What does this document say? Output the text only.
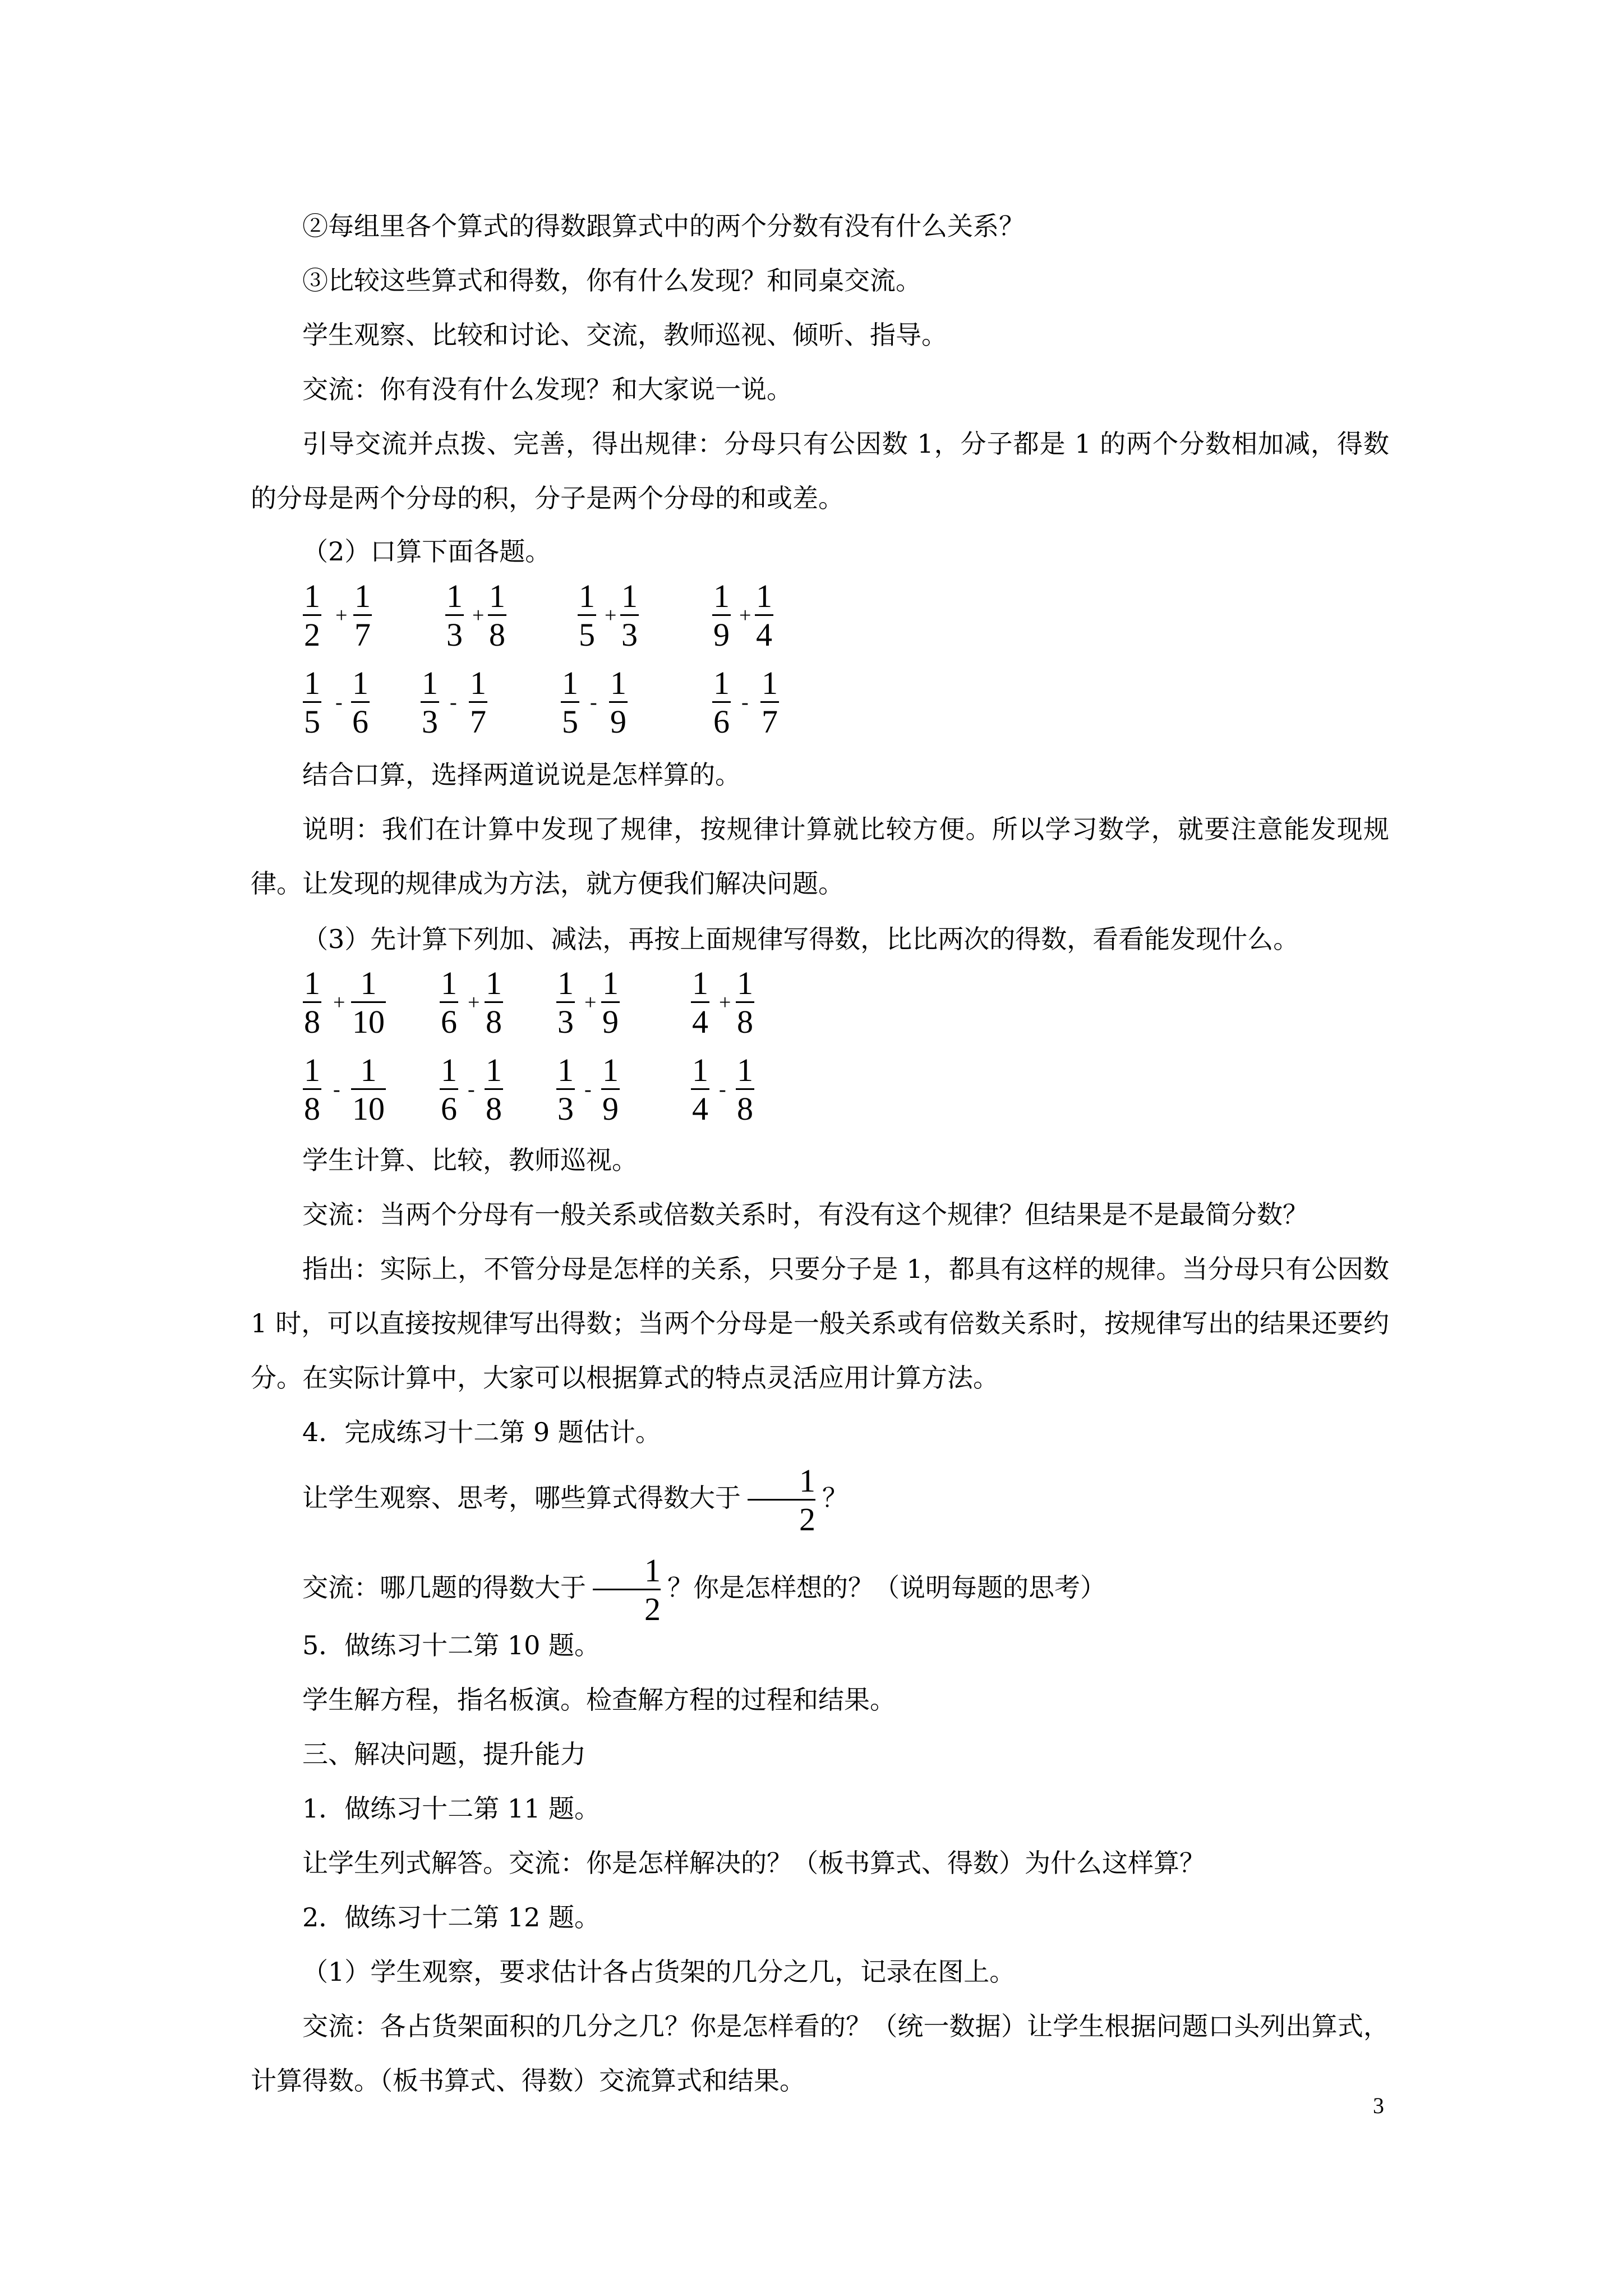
②每组里各个算式的得数跟算式中的两个分数有没有什么关系？

③比较这些算式和得数，你有什么发现？和同桌交流。

学生观察、比较和讨论、交流，教师巡视、倾听、指导。

交流：你有没有什么发现？和大家说一说。

引导交流并点拨、完善，得出规律：分母只有公因数 1，分子都是 1 的两个分数相加减，得数的分母是两个分母的积，分子是两个分母的和或差。

（2）口算下面各题。

1
2
+
1
7
1
3
+
1
8
1
5
+
1
3
1
9
+
1
4
1
5
-
1
6
1
3
-
1
7
1
5
-
1
9
1
6
-
1
7

结合口算，选择两道说说是怎样算的。

说明：我们在计算中发现了规律，按规律计算就比较方便。所以学习数学，就要注意能发现规律。让发现的规律成为方法，就方便我们解决问题。

（3）先计算下列加、减法，再按上面规律写得数，比比两次的得数，看看能发现什么。

1
8
+
1
10
1
6
+
1
8
1
3
+
1
9
1
4
+
1
8
1
8
-
1
10
1
6
-
1
8
1
3
-
1
9
1
4
-
1
8

学生计算、比较，教师巡视。

交流：当两个分母有一般关系或倍数关系时，有没有这个规律？但结果是不是最简分数？

指出：实际上，不管分母是怎样的关系，只要分子是 1，都具有这样的规律。当分母只有公因数 1 时，可以直接按规律写出得数；当两个分母是一般关系或有倍数关系时，按规律写出的结果还要约分。在实际计算中，大家可以根据算式的特点灵活应用计算方法。

4．完成练习十二第 9 题估计。

让学生观察、思考，哪些算式得数大于 $\frac{1}{2}$ ？

交流：哪几题的得数大于 $\frac{1}{2}$ ？你是怎样想的？（说明每题的思考）

5．做练习十二第 10 题。

学生解方程，指名板演。检查解方程的过程和结果。

三、解决问题，提升能力

1．做练习十二第 11 题。

让学生列式解答。交流：你是怎样解决的？（板书算式、得数）为什么这样算？

2．做练习十二第 12 题。

（1）学生观察，要求估计各占货架的几分之几，记录在图上。

交流：各占货架面积的几分之几？你是怎样看的？（统一数据）让学生根据问题口头列出算式，计算得数。（板书算式、得数）交流算式和结果。

3
